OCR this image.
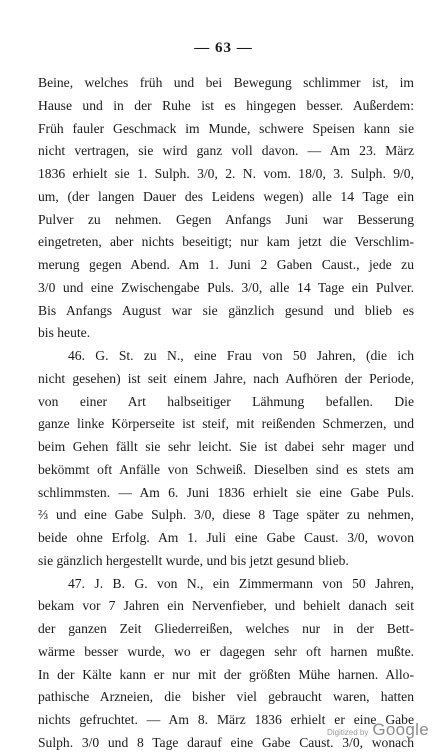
— 63 —
Beine, welches früh und bei Bewegung schlimmer ist, im
Hause und in der Ruhe ist es hingegen besser. Außerdem:
Früh fauler Geschmack im Munde, schwere Speisen kann sie
nicht vertragen, sie wird ganz voll davon. — Am 23. März
1836 erhielt sie 1. Sulph. 3/0, 2. N. vom. 18/0, 3. Sulph. 9/0,
um, (der langen Dauer des Leidens wegen) alle 14 Tage ein
Pulver zu nehmen. Gegen Anfangs Juni war Besserung
eingetreten, aber nichts beseitigt; nur kam jetzt die Verschlim-
merung gegen Abend. Am 1. Juni 2 Gaben Caust., jede zu
3/0 und eine Zwischengabe Puls. 3/0, alle 14 Tage ein Pulver.
Bis Anfangs August war sie gänzlich gesund und blieb es
bis heute.
46. G. St. zu N., eine Frau von 50 Jahren, (die ich
nicht gesehen) ist seit einem Jahre, nach Aufhören der Periode,
von einer Art halbseitiger Lähmung befallen. Die
ganze linke Körperseite ist steif, mit reißenden Schmerzen, und
beim Gehen fällt sie sehr leicht. Sie ist dabei sehr mager und
bekömmt oft Anfälle von Schweiß. Dieselben sind es stets am
schlimmsten. — Am 6. Juni 1836 erhielt sie eine Gabe Puls.
⅔ und eine Gabe Sulph. 3/0, diese 8 Tage später zu nehmen,
beide ohne Erfolg. Am 1. Juli eine Gabe Caust. 3/0, wovon
sie gänzlich hergestellt wurde, und bis jetzt gesund blieb.
47. J. B. G. von N., ein Zimmermann von 50 Jahren,
bekam vor 7 Jahren ein Nervenfieber, und behielt danach seit
der ganzen Zeit Gliederreißen, welches nur in der Bett-
wärme besser wurde, wo er dagegen sehr oft harnen mußte.
In der Kälte kann er nur mit der größten Mühe harnen. Allo-
pathische Arzneien, die bisher viel gebraucht waren, hatten
nichts gefruchtet. — Am 8. März 1836 erhielt er eine Gabe
Sulph. 3/0 und 8 Tage darauf eine Gabe Caust. 3/0, wonach
Digitized by Google
